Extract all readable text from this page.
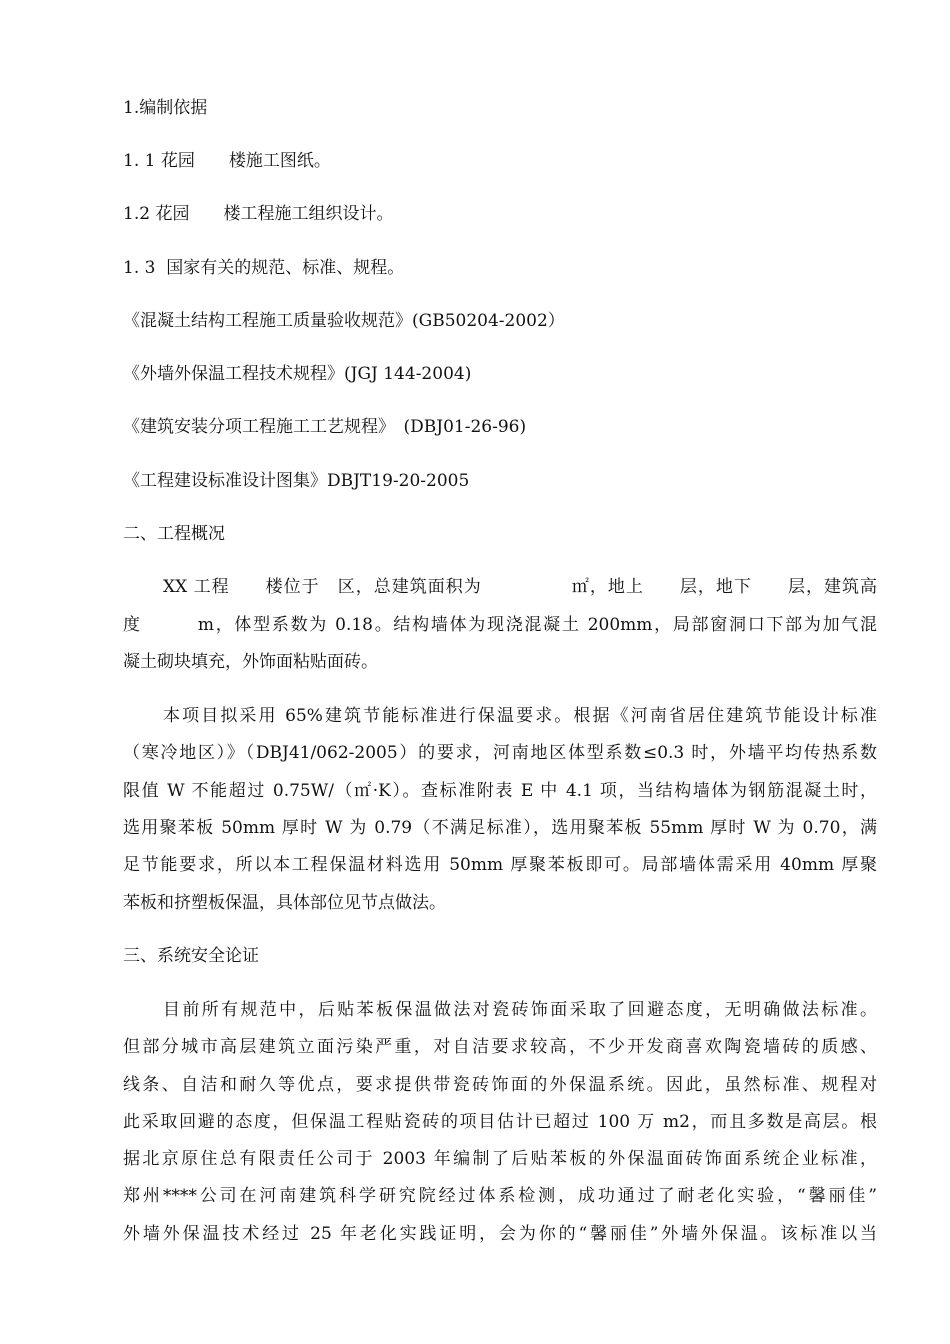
1.编制依据
1. 1 花园　　楼施工图纸。
1.2 花园　　楼工程施工组织设计。
1. 3  国家有关的规范、标准、规程。
《混凝土结构工程施工质量验收规范》(GB50204-2002）
《外墙外保温工程技术规程》(JGJ 144-2004)
《建筑安装分项工程施工工艺规程》　(DBJ01-26-96)
《工程建设标准设计图集》DBJT19-20-2005
二、工程概况
XX 工程　　楼位于　区，总建筑面积为　　　　　㎡，地上　　层，地下　　层，建筑高
度　　　m，体型系数为 0.18。结构墙体为现浇混凝土 200mm，局部窗洞口下部为加气混
凝土砌块填充，外饰面粘贴面砖。
本项目拟采用 65%建筑节能标准进行保温要求。根据《河南省居住建筑节能设计标准
（寒冷地区）》（DBJ41/062-2005）的要求，河南地区体型系数≤0.3 时，外墙平均传热系数
限值 W 不能超过 0.75W/（㎡·K）。查标准附表 E 中 4.1 项，当结构墙体为钢筋混凝土时，
选用聚苯板 50mm 厚时 W 为 0.79（不满足标准），选用聚苯板 55mm 厚时 W 为 0.70，满
足节能要求，所以本工程保温材料选用 50mm 厚聚苯板即可。局部墙体需采用 40mm 厚聚
苯板和挤塑板保温，具体部位见节点做法。
三、系统安全论证
目前所有规范中，后贴苯板保温做法对瓷砖饰面采取了回避态度，无明确做法标准。
但部分城市高层建筑立面污染严重，对自洁要求较高，不少开发商喜欢陶瓷墙砖的质感、
线条、自洁和耐久等优点，要求提供带瓷砖饰面的外保温系统。因此，虽然标准、规程对
此采取回避的态度，但保温工程贴瓷砖的项目估计已超过 100 万 m2，而且多数是高层。根
据北京原住总有限责任公司于 2003 年编制了后贴苯板的外保温面砖饰面系统企业标准，
郑州****公司在河南建筑科学研究院经过体系检测，成功通过了耐老化实验，“馨丽佳”
外墙外保温技术经过 25 年老化实践证明，会为你的“馨丽佳”外墙外保温。该标准以当
